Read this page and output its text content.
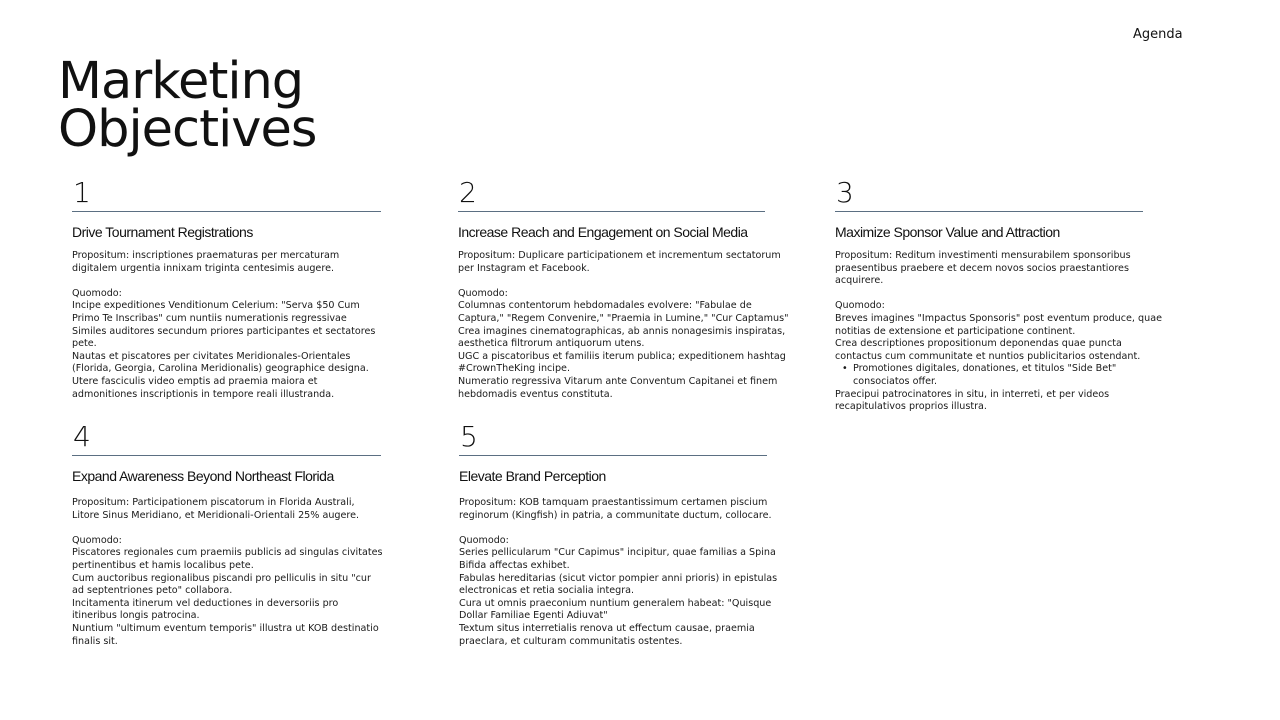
Agenda
Marketing Objectives
1
Drive Tournament Registrations
Propositum: inscriptiones praematuras per mercaturam digitalem urgentia innixam triginta centesimis augere.
Quomodo:
Incipe expeditiones Venditionum Celerium: "Serva $50 Cum Primo Te Inscribas" cum nuntiis numerationis regressivae
Similes auditores secundum priores participantes et sectatores pete.
Nautas et piscatores per civitates Meridionales-Orientales (Florida, Georgia, Carolina Meridionalis) geographice designa.
Utere fasciculis video emptis ad praemia maiora et admonitiones inscriptionis in tempore reali illustranda.
2
Increase Reach and Engagement on Social Media
Propositum: Duplicare participationem et incrementum sectatorum per Instagram et Facebook.
Quomodo:
Columnas contentorum hebdomadales evolvere: "Fabulae de Captura," "Regem Convenire," "Praemia in Lumine," "Cur Captamus"
Crea imagines cinematographicas, ab annis nonagesimis inspiratas, aesthetica filtrorum antiquorum utens.
UGC a piscatoribus et familiis iterum publica; expeditionem hashtag #CrownTheKing incipe.
Numeratio regressiva Vitarum ante Conventum Capitanei et finem hebdomadis eventus constituta.
3
Maximize Sponsor Value and Attraction
Propositum: Reditum investimenti mensurabilem sponsoribus praesentibus praebere et decem novos socios praestantiores acquirere.
Quomodo:
Breves imagines "Impactus Sponsoris" post eventum produce, quae notitias de extensione et participatione continent.
Crea descriptiones propositionum deponendas quae puncta contactus cum communitate et nuntios publicitarios ostendant.
• Promotiones digitales, donationes, et titulos "Side Bet" consociatos offer.
Praecipui patrocinatores in situ, in interreti, et per videos recapitulativos proprios illustra.
4
Expand Awareness Beyond Northeast Florida
Propositum: Participationem piscatorum in Florida Australi, Litore Sinus Meridiano, et Meridionali-Orientali 25% augere.
Quomodo:
Piscatores regionales cum praemiis publicis ad singulas civitates pertinentibus et hamis localibus pete.
Cum auctoribus regionalibus piscandi pro pelliculis in situ "cur ad septentriones peto" collabora.
Incitamenta itinerum vel deductiones in deversoriis pro itineribus longis patrocina.
Nuntium "ultimum eventum temporis" illustra ut KOB destinatio finalis sit.
5
Elevate Brand Perception
Propositum: KOB tamquam praestantissimum certamen piscium reginorum (Kingfish) in patria, a communitate ductum, collocare.
Quomodo:
Series pellicularum "Cur Capimus" incipitur, quae familias a Spina Bifida affectas exhibet.
Fabulas hereditarias (sicut victor pompier anni prioris) in epistulas electronicas et retia socialia integra.
Cura ut omnis praeconium nuntium generalem habeat: "Quisque Dollar Familiae Egenti Adiuvat"
Textum situs interretialis renova ut effectum causae, praemia praeclara, et culturam communitatis ostentes.
